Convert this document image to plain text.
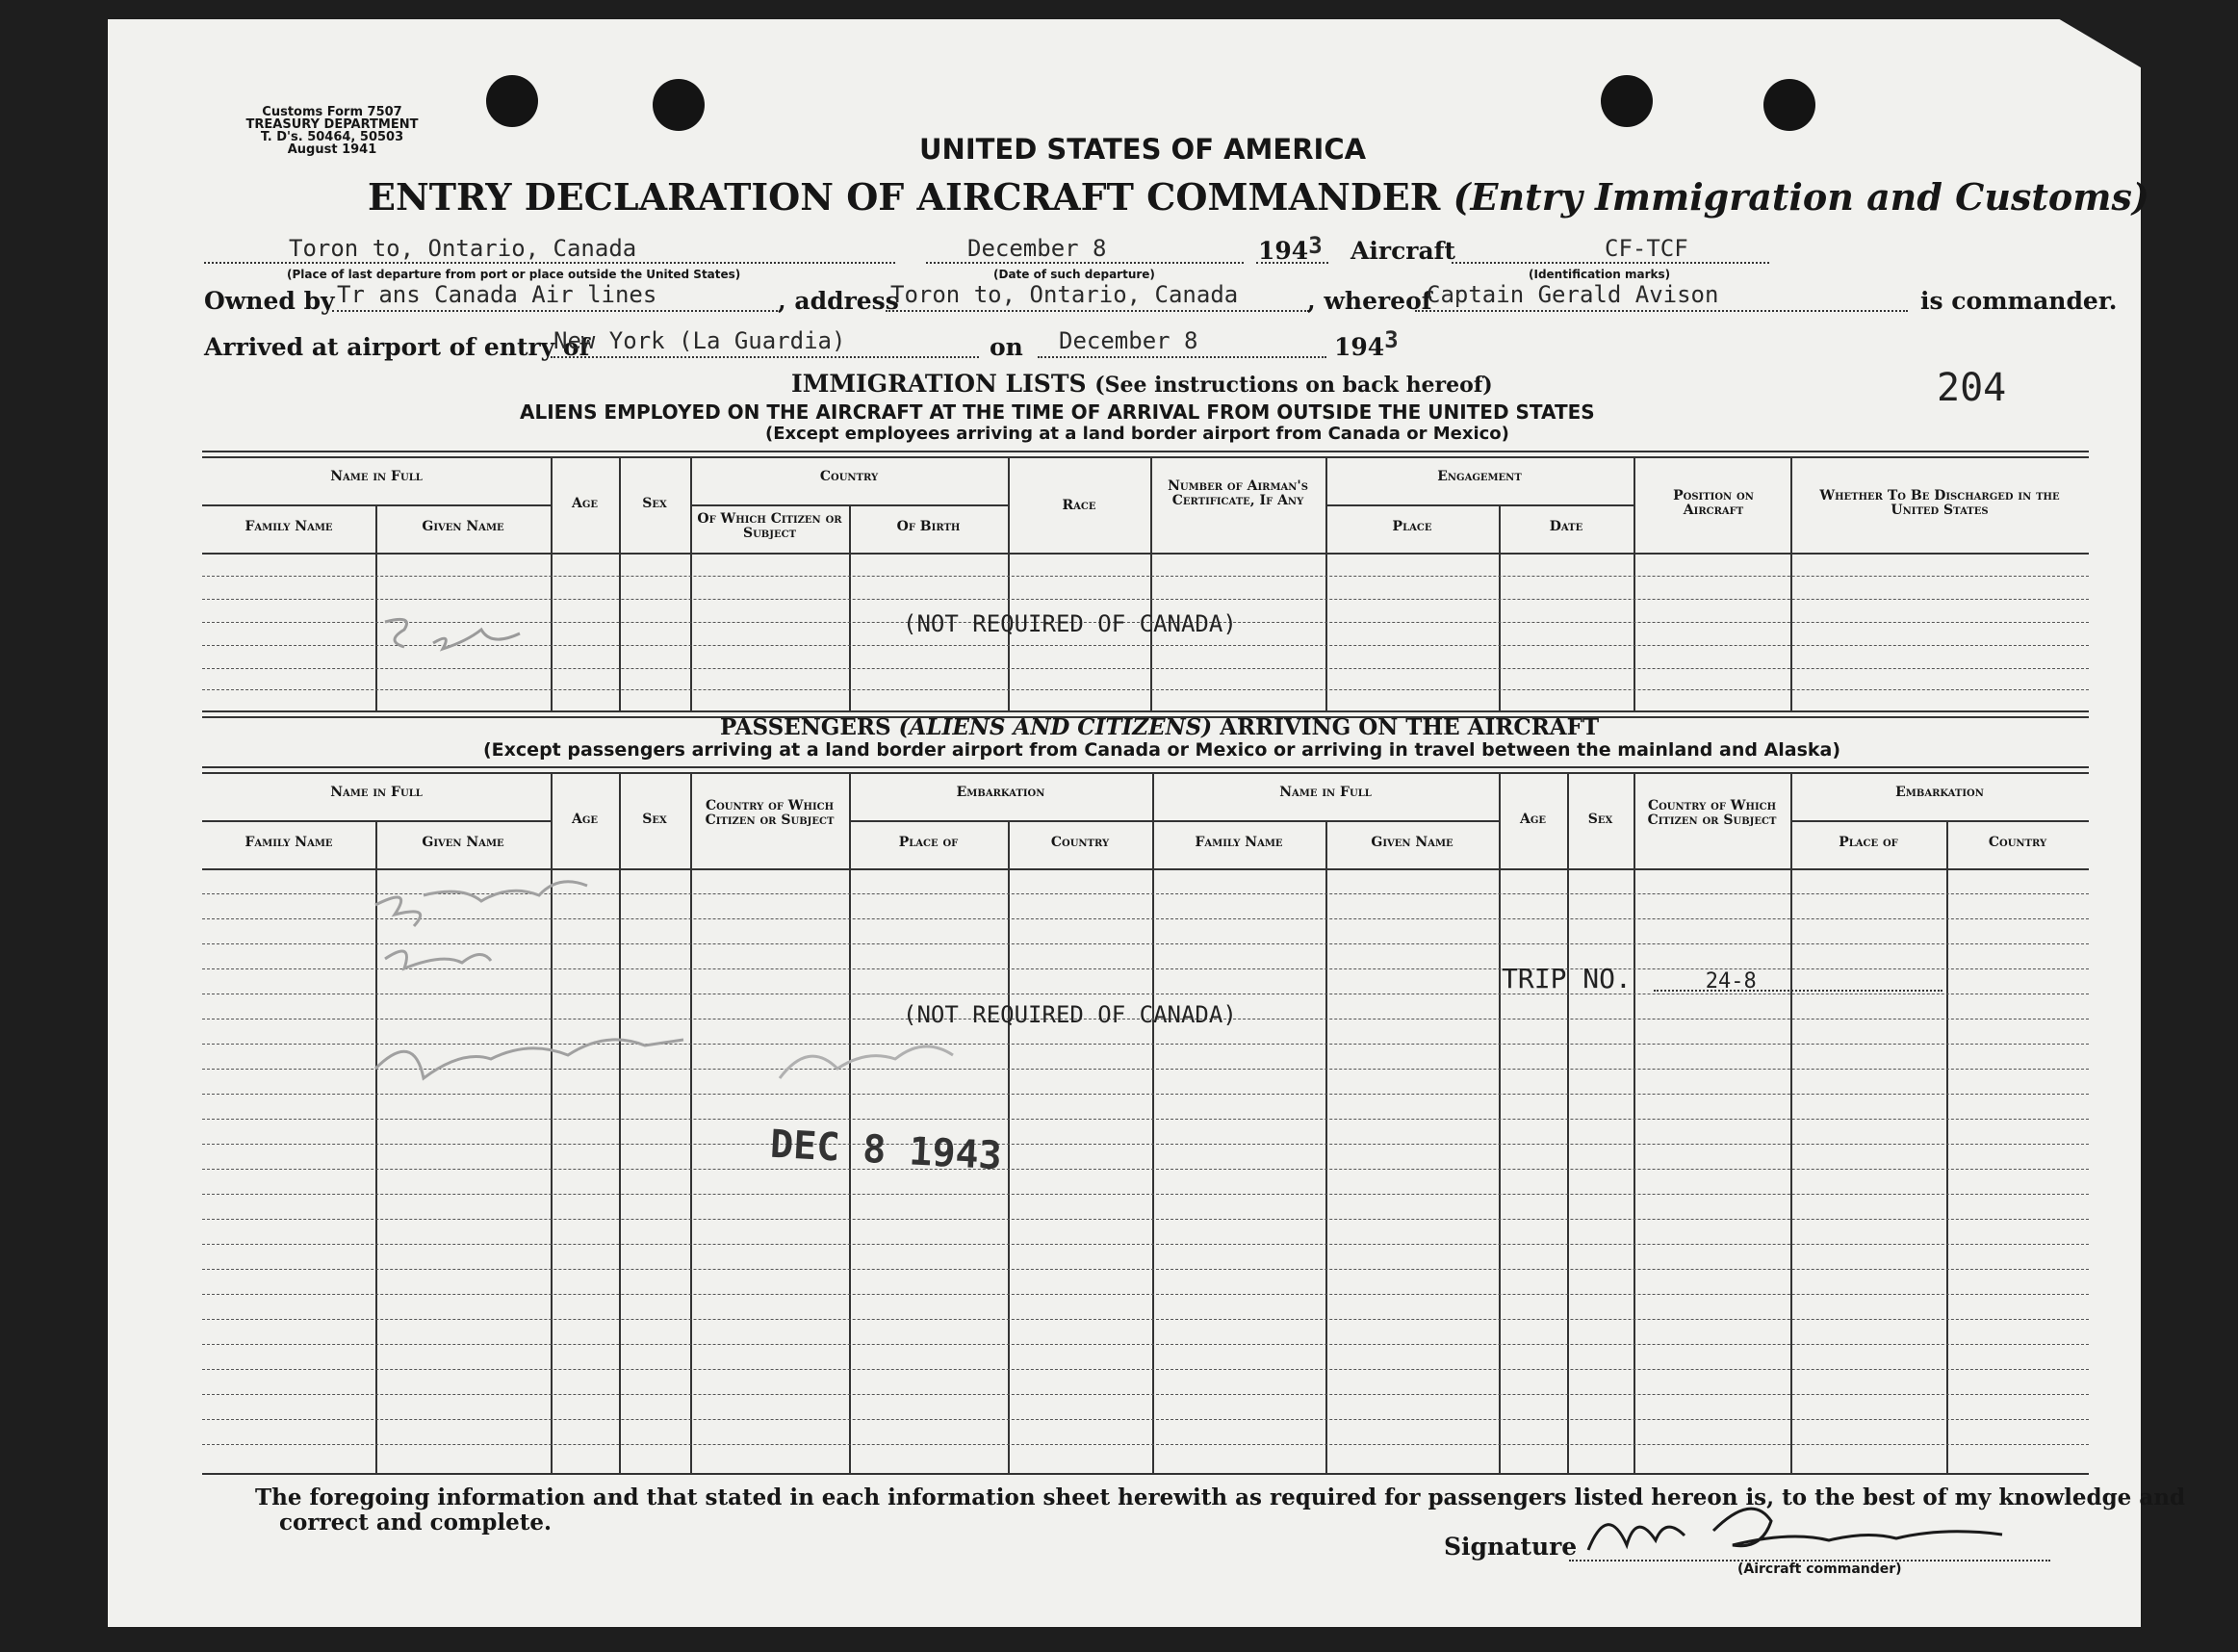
Customs Form 7507
TREASURY DEPARTMENT
T. D's. 50464, 50503
August 1941	UNITED STATES OF AMERICA
ENTRY DECLARATION OF AIRCRAFT COMMANDER (Entry Immigration and Customs)
Toron to, Ontario, Canada
(Place of last departure from port or place outside the United States)
December 8
(Date of such departure)
1943 Aircraft	CF-TCF
(Identification marks)
Owned by Tr ans Canada Air lines	, address
Toron to, Ontario, Canada	, whereof
Captain Gerald Avison	is commander.
Arrived at airport of entry of
New York (La Guardia)	on December 8	1943
204
IMMIGRATION LISTS (See instructions on back hereof)
ALIENS EMPLOYED ON THE AIRCRAFT AT THE TIME OF ARRIVAL FROM OUTSIDE THE UNITED STATES
(Except employees arriving at a land border airport from Canada or Mexico)
Name in Full
Family Name	Given Name
Age	Sex
Country
Of Which Citizen or Subject	Of Birth
Race
Number of Airman's Certificate, If Any
Engagement
Place	Date
Position on Aircraft
Whether To Be Discharged in the United States
(NOT REQUIRED OF CANADA)
PASSENGERS (ALIENS AND CITIZENS) ARRIVING ON THE AIRCRAFT
(Except passengers arriving at a land border airport from Canada or Mexico or arriving in travel between the mainland and Alaska)
Name in Full
Family Name	Given Name
Age	Sex
Country of Which Citizen or Subject
Embarkation
Place of	Country
Name in Full
Family Name	Given Name
Age	Sex
Country of Which Citizen or Subject
Embarkation
Place of	Country
(NOT REQUIRED OF CANADA)
TRIP NO.	24-8
DEC 8 1943
The foregoing information and that stated in each information sheet herewith as required for passengers listed hereon is, to the best of my knowledge and
correct and complete.
Signature
(Aircraft commander)
